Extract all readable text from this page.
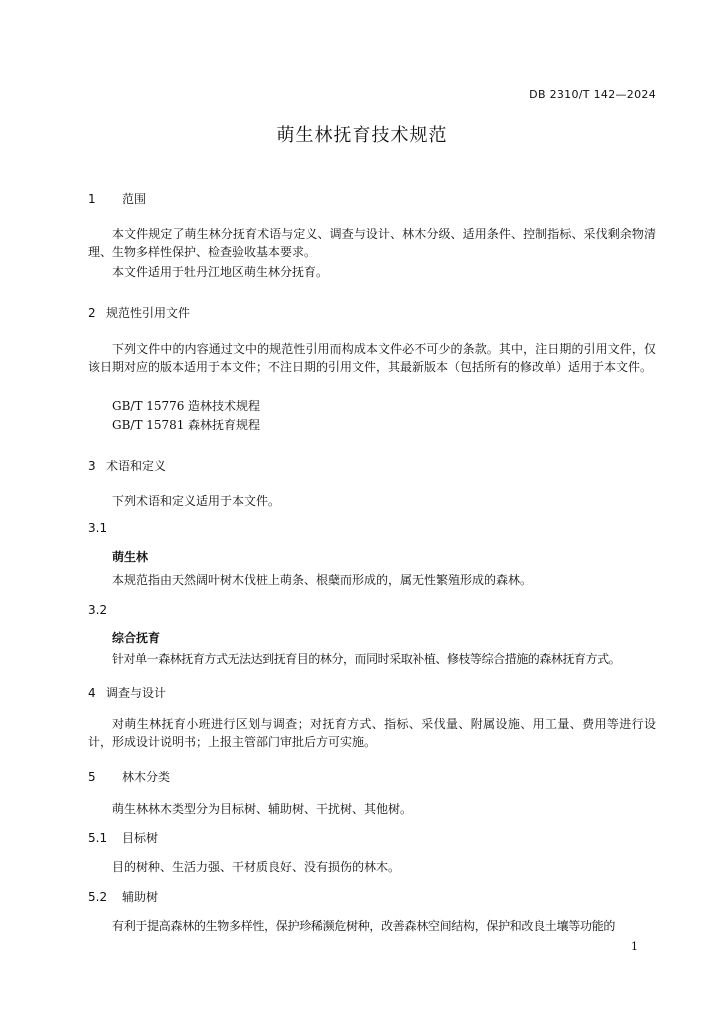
DB 2310/T 142—2024
萌生林抚育技术规范
1 范围
本文件规定了萌生林分抚育术语与定义、调查与设计、林木分级、适用条件、控制指标、采伐剩余物清理、生物多样性保护、检查验收基本要求。
本文件适用于牡丹江地区萌生林分抚育。
2 规范性引用文件
下列文件中的内容通过文中的规范性引用而构成本文件必不可少的条款。其中，注日期的引用文件，仅该日期对应的版本适用于本文件；不注日期的引用文件，其最新版本（包括所有的修改单）适用于本文件。
GB/T 15776 造林技术规程
GB/T 15781 森林抚育规程
3 术语和定义
下列术语和定义适用于本文件。
3.1
萌生林
本规范指由天然阔叶树木伐桩上萌条、根蘖而形成的，属无性繁殖形成的森林。
3.2
综合抚育
针对单一森林抚育方式无法达到抚育目的林分，而同时采取补植、修枝等综合措施的森林抚育方式。
4 调查与设计
对萌生林抚育小班进行区划与调查；对抚育方式、指标、采伐量、附属设施、用工量、费用等进行设计，形成设计说明书；上报主管部门审批后方可实施。
5 林木分类
萌生林林木类型分为目标树、辅助树、干扰树、其他树。
5.1 目标树
目的树种、生活力强、干材质良好、没有损伤的林木。
5.2 辅助树
有利于提高森林的生物多样性，保护珍稀濒危树种，改善森林空间结构，保护和改良土壤等功能的
1
